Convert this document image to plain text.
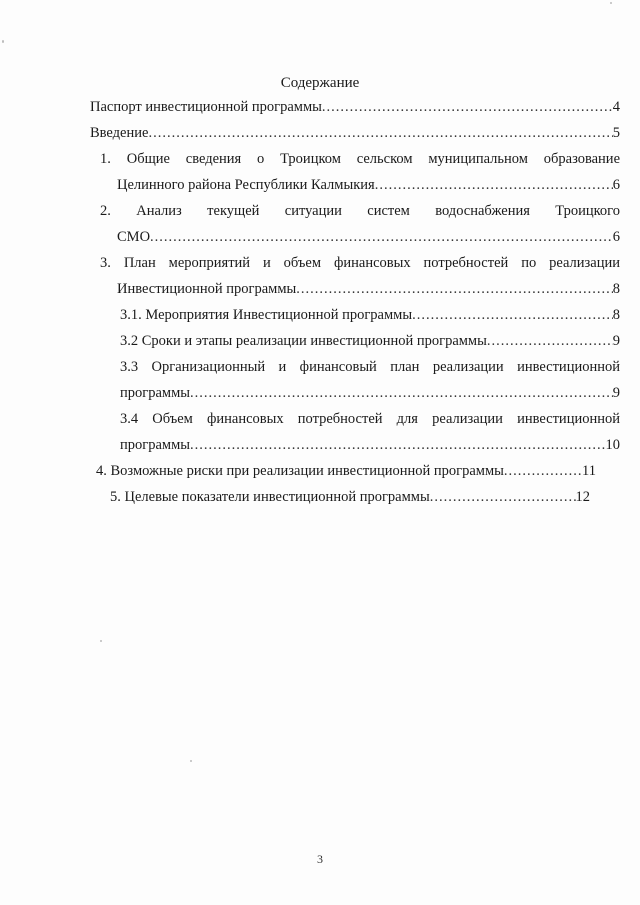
Содержание
Паспорт инвестиционной программы .....	4
Введение .....	5
1. Общие сведения о Троицком сельском муниципальном образование
Целинного района Республики Калмыкия .....	6
2. Анализ текущей ситуации систем водоснабжения Троицкого
СМО .....	6
3. План мероприятий и объем финансовых потребностей по реализации
Инвестиционной программы .....	8
3.1. Мероприятия Инвестиционной программы .....	8
3.2 Сроки и этапы реализации инвестиционной программы .....	9
3.3 Организационный и финансовый план реализации инвестиционной
программы .....	9
3.4 Объем финансовых потребностей для реализации инвестиционной
программы .....	10
4. Возможные риски при реализации инвестиционной программы .....	11
5. Целевые показатели инвестиционной программы .....	12
3
